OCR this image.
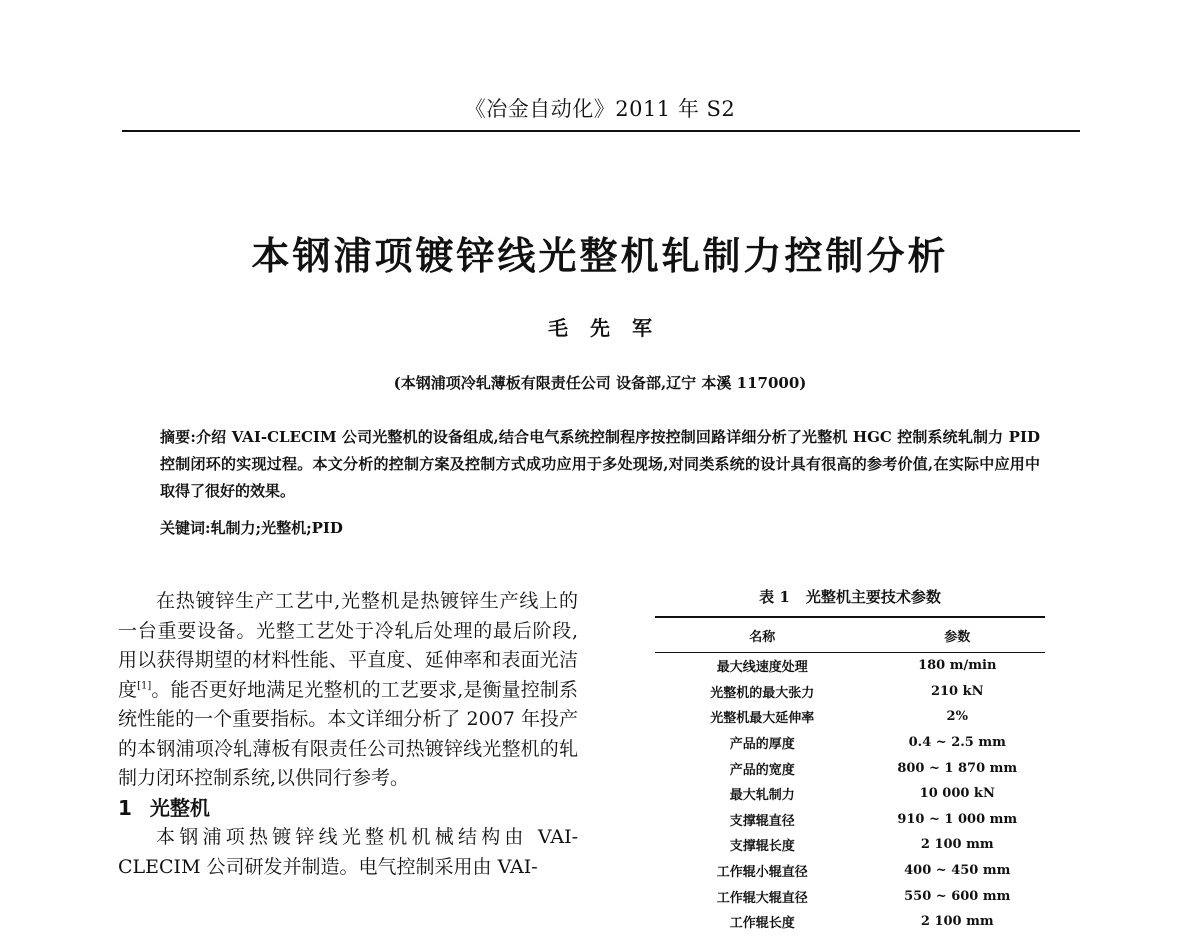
《冶金自动化》2011 年 S2
本钢浦项镀锌线光整机轧制力控制分析
毛先军
(本钢浦项冷轧薄板有限责任公司 设备部,辽宁 本溪 117000)
摘要:介绍 VAI-CLECIM 公司光整机的设备组成,结合电气系统控制程序按控制回路详细分析了光整机 HGC 控制系统轧制力 PID 控制闭环的实现过程。本文分析的控制方案及控制方式成功应用于多处现场,对同类系统的设计具有很高的参考价值,在实际中应用中取得了很好的效果。
关键词:轧制力;光整机;PID

在热镀锌生产工艺中,光整机是热镀锌生产线上的一台重要设备。光整工艺处于冷轧后处理的最后阶段,用以获得期望的材料性能、平直度、延伸率和表面光洁度[1]。能否更好地满足光整机的工艺要求,是衡量控制系统性能的一个重要指标。本文详细分析了 2007 年投产的本钢浦项冷轧薄板有限责任公司热镀锌线光整机的轧制力闭环控制系统,以供同行参考。

1 光整机

本钢浦项热镀锌线光整机机械结构由 VAI-CLECIM 公司研发并制造。电气控制采用由 VAI-

表 1 光整机主要技术参数
名称	参数
最大线速度处理	180 m/min
光整机的最大张力	210 kN
光整机最大延伸率	2%
产品的厚度	0.4 ~ 2.5 mm
产品的宽度	800 ~ 1 870 mm
最大轧制力	10 000 kN
支撑辊直径	910 ~ 1 000 mm
支撑辊长度	2 100 mm
工作辊小辊直径	400 ~ 450 mm
工作辊大辊直径	550 ~ 600 mm
工作辊长度	2 100 mm
